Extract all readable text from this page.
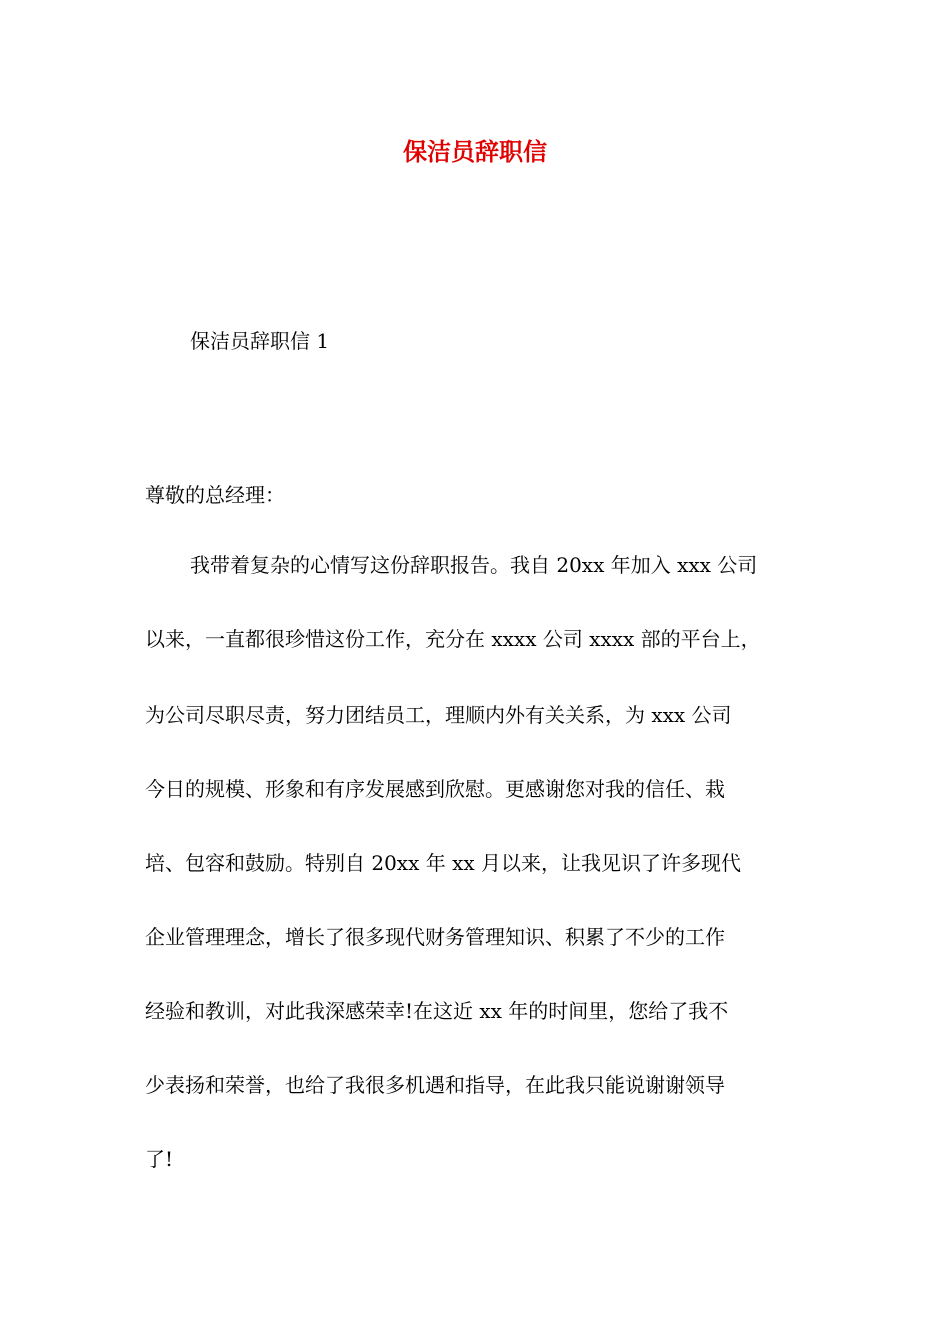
保洁员辞职信
保洁员辞职信 1
尊敬的总经理：
我带着复杂的心情写这份辞职报告。我自 20xx 年加入 xxx 公司
以来，一直都很珍惜这份工作，充分在 xxxx 公司 xxxx 部的平台上，
为公司尽职尽责，努力团结员工，理顺内外有关关系，为 xxx 公司
今日的规模、形象和有序发展感到欣慰。更感谢您对我的信任、栽
培、包容和鼓励。特别自 20xx 年 xx 月以来，让我见识了许多现代
企业管理理念，增长了很多现代财务管理知识、积累了不少的工作
经验和教训，对此我深感荣幸!在这近 xx 年的时间里，您给了我不
少表扬和荣誉，也给了我很多机遇和指导，在此我只能说谢谢领导
了!
